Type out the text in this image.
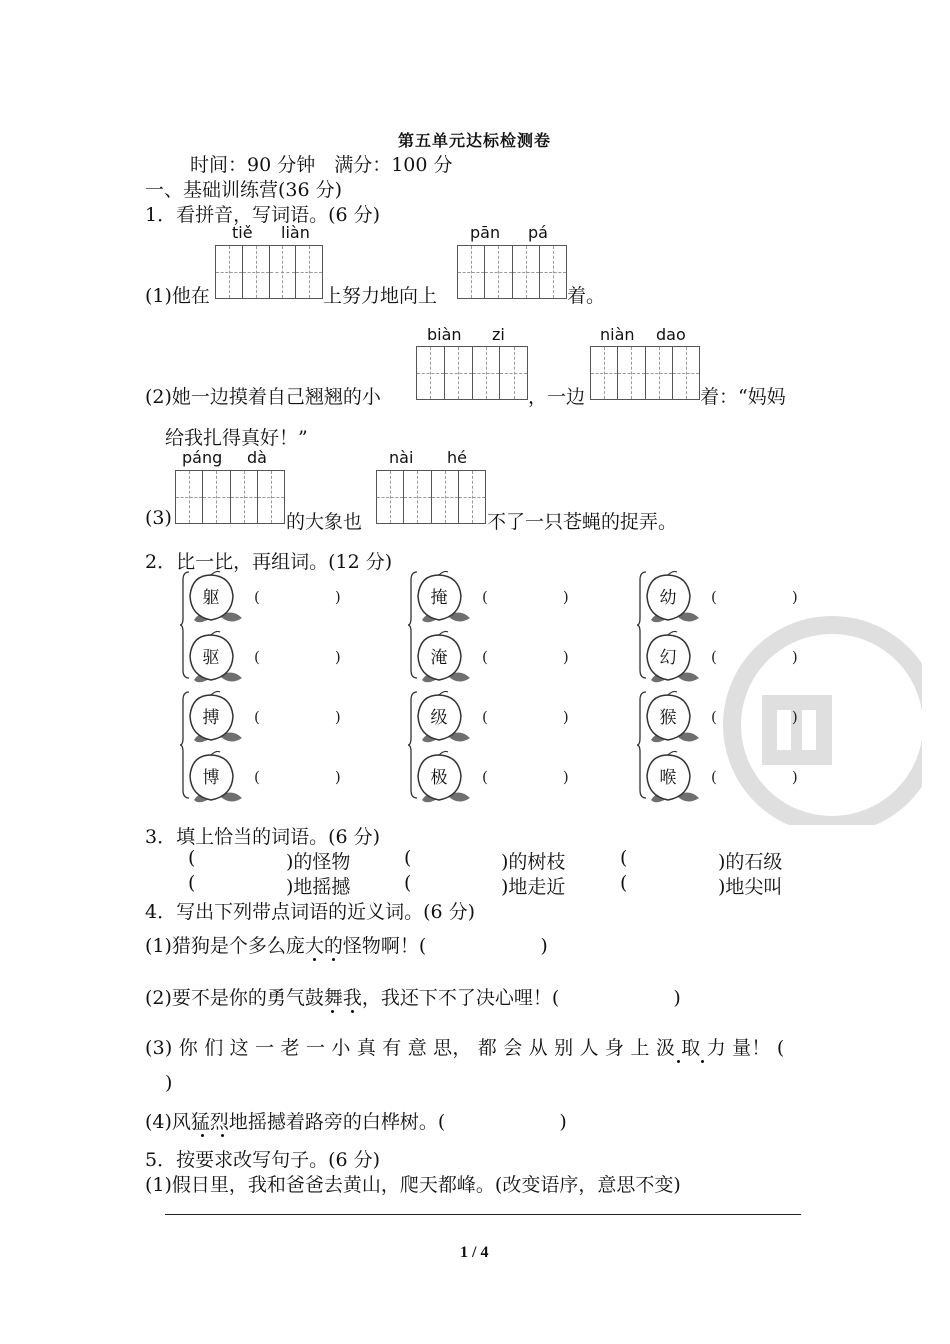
第五单元达标检测卷
时间：90 分钟　满分：100 分
一、基础训练营(36 分)
1．看拼音，写词语。(6 分)
tiě liàn	pān pá
(1)他在	上努力地向上	着。
biàn zi	niàn dao
(2)她一边摸着自己翘翘的小	，一边	着：“妈妈
给我扎得真好！”
páng dà	nài hé
(3)	的大象也	不了一只苍蝇的捉弄。
2．比一比，再组词。(12 分)
躯	(　　　　　)
驱	(　　　　　)
掩	(　　　　　)
淹	(　　　　　)
幼	(　　　　　)
幻	(　　　　　)
搏	(　　　　　)
博	(　　　　　)
级	(　　　　　)
极	(　　　　　)
猴	(　　　　　)
喉	(　　　　　)
3．填上恰当的词语。(6 分)
(	)的怪物	(	)的树枝	(	)的石级
(	)地摇撼	(	)地走近	(	)地尖叫
4．写出下列带点词语的近义词。(6 分)
(1)猎狗是个多么庞大的怪物啊！(　　　　　　)
(2)要不是你的勇气鼓舞我，我还下不了决心哩！(　　　　　　)
(3) 你 们 这 一 老 一 小 真 有 意 思， 都 会 从 别 人 身 上 汲 取 力 量！ (
)
(4)风猛烈地摇撼着路旁的白桦树。(　　　　　　)
5．按要求改写句子。(6 分)
(1)假日里，我和爸爸去黄山，爬天都峰。(改变语序，意思不变)
1 / 4
